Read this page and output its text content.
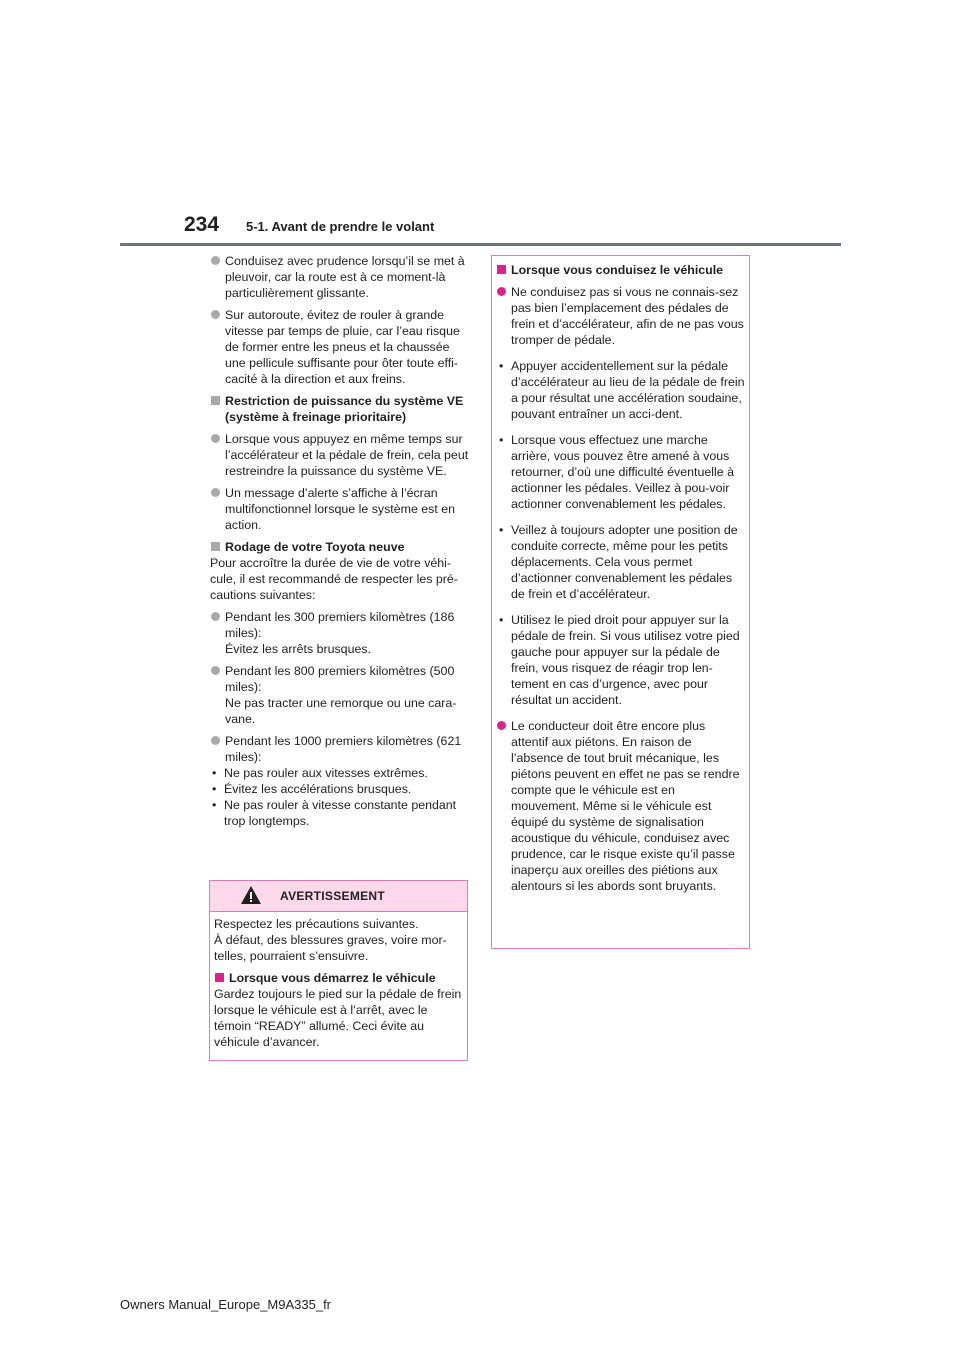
234 5-1. Avant de prendre le volant
Conduisez avec prudence lorsqu’il se met à pleuvoir, car la route est à ce moment-là particulièrement glissante.
Sur autoroute, évitez de rouler à grande vitesse par temps de pluie, car l’eau risque de former entre les pneus et la chaussée une pellicule suffisante pour ôter toute effi-cacité à la direction et aux freins.
Restriction de puissance du système VE (système à freinage prioritaire)
Lorsque vous appuyez en même temps sur l’accélérateur et la pédale de frein, cela peut restreindre la puissance du système VE.
Un message d’alerte s’affiche à l’écran multifonctionnel lorsque le système est en action.
Rodage de votre Toyota neuve
Pour accroître la durée de vie de votre véhi-cule, il est recommandé de respecter les pré-cautions suivantes:
Pendant les 300 premiers kilomètres (186 miles):
Évitez les arrêts brusques.
Pendant les 800 premiers kilomètres (500 miles):
Ne pas tracter une remorque ou une cara-vane.
Pendant les 1000 premiers kilomètres (621 miles):
• Ne pas rouler aux vitesses extrêmes.
• Évitez les accélérations brusques.
• Ne pas rouler à vitesse constante pendant trop longtemps.
AVERTISSEMENT
Respectez les précautions suivantes.
À défaut, des blessures graves, voire mor-telles, pourraient s’ensuivre.
Lorsque vous démarrez le véhicule
Gardez toujours le pied sur la pédale de frein lorsque le véhicule est à l’arrêt, avec le témoin “READY” allumé. Ceci évite au véhicule d’avancer.
Lorsque vous conduisez le véhicule
Ne conduisez pas si vous ne connais-sez pas bien l’emplacement des pédales de frein et d’accélérateur, afin de ne pas vous tromper de pédale.
• Appuyer accidentellement sur la pédale d’accélérateur au lieu de la pédale de frein a pour résultat une accélération soudaine, pouvant entraîner un acci-dent.
• Lorsque vous effectuez une marche arrière, vous pouvez être amené à vous retourner, d’où une difficulté éventuelle à actionner les pédales. Veillez à pou-voir actionner convenablement les pédales.
• Veillez à toujours adopter une position de conduite correcte, même pour les petits déplacements. Cela vous permet d’actionner convenablement les pédales de frein et d’accélérateur.
• Utilisez le pied droit pour appuyer sur la pédale de frein. Si vous utilisez votre pied gauche pour appuyer sur la pédale de frein, vous risquez de réagir trop len-tement en cas d’urgence, avec pour résultat un accident.
Le conducteur doit être encore plus attentif aux piétons. En raison de l’absence de tout bruit mécanique, les piétons peuvent en effet ne pas se rendre compte que le véhicule est en mouvement. Même si le véhicule est équipé du système de signalisation acoustique du véhicule, conduisez avec prudence, car le risque existe qu’il passe inaperçu aux oreilles des piétions aux alentours si les abords sont bruyants.
Owners Manual_Europe_M9A335_fr
